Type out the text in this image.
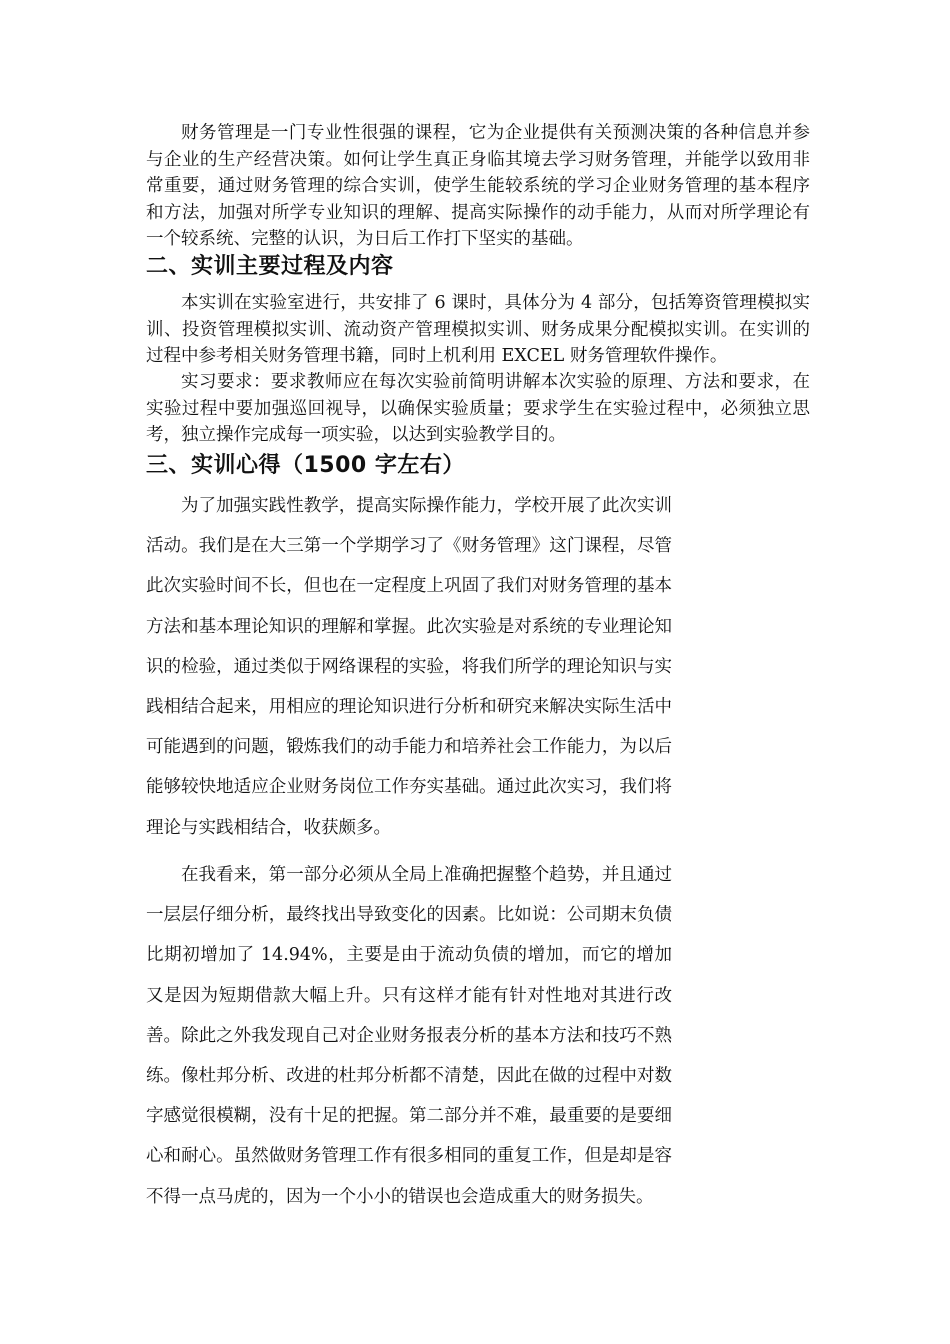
财务管理是一门专业性很强的课程，它为企业提供有关预测决策的各种信息并参与企业的生产经营决策。如何让学生真正身临其境去学习财务管理，并能学以致用非常重要，通过财务管理的综合实训，使学生能较系统的学习企业财务管理的基本程序和方法，加强对所学专业知识的理解、提高实际操作的动手能力，从而对所学理论有一个较系统、完整的认识，为日后工作打下坚实的基础。

二、实训主要过程及内容

本实训在实验室进行，共安排了 6 课时，具体分为 4 部分，包括筹资管理模拟实训、投资管理模拟实训、流动资产管理模拟实训、财务成果分配模拟实训。在实训的过程中参考相关财务管理书籍，同时上机利用 EXCEL 财务管理软件操作。

实习要求：要求教师应在每次实验前简明讲解本次实验的原理、方法和要求，在实验过程中要加强巡回视导，以确保实验质量；要求学生在实验过程中，必须独立思考，独立操作完成每一项实验，以达到实验教学目的。

三、实训心得（1500 字左右）

为了加强实践性教学，提高实际操作能力，学校开展了此次实训活动。我们是在大三第一个学期学习了《财务管理》这门课程，尽管此次实验时间不长，但也在一定程度上巩固了我们对财务管理的基本方法和基本理论知识的理解和掌握。此次实验是对系统的专业理论知识的检验，通过类似于网络课程的实验，将我们所学的理论知识与实践相结合起来，用相应的理论知识进行分析和研究来解决实际生活中可能遇到的问题，锻炼我们的动手能力和培养社会工作能力，为以后能够较快地适应企业财务岗位工作夯实基础。通过此次实习，我们将理论与实践相结合，收获颇多。

在我看来，第一部分必须从全局上准确把握整个趋势，并且通过一层层仔细分析，最终找出导致变化的因素。比如说：公司期末负债比期初增加了 14.94%，主要是由于流动负债的增加，而它的增加又是因为短期借款大幅上升。只有这样才能有针对性地对其进行改善。除此之外我发现自己对企业财务报表分析的基本方法和技巧不熟练。像杜邦分析、改进的杜邦分析都不清楚，因此在做的过程中对数字感觉很模糊，没有十足的把握。第二部分并不难，最重要的是要细心和耐心。虽然做财务管理工作有很多相同的重复工作，但是却是容不得一点马虎的，因为一个小小的错误也会造成重大的财务损失。
